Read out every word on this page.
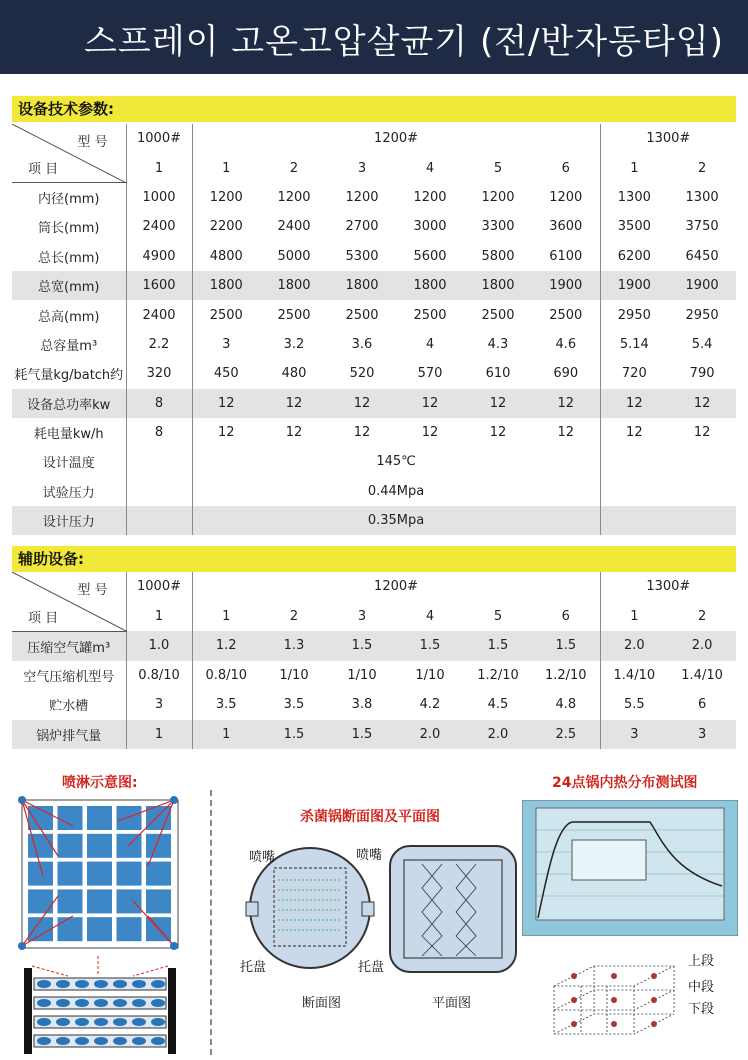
스프레이 고온고압살균기 (전/반자동타입)
设备技术参数:
型 号
项 目	1000#	1200#						1300#	
	1	1	2	3	4	5	6	1	2
内径(mm)	1000	1200	1200	1200	1200	1200	1200	1300	1300
筒长(mm)	2400	2200	2400	2700	3000	3300	3600	3500	3750
总长(mm)	4900	4800	5000	5300	5600	5800	6100	6200	6450
总宽(mm)	1600	1800	1800	1800	1800	1800	1900	1900	1900
总高(mm)	2400	2500	2500	2500	2500	2500	2500	2950	2950
总容量m³	2.2	3	3.2	3.6	4	4.3	4.6	5.14	5.4
耗气量kg/batch约	320	450	480	520	570	610	690	720	790
设备总功率kw	8	12	12	12	12	12	12	12	12
耗电量kw/h	8	12	12	12	12	12	12	12	12
设计温度		145℃							
试验压力		0.44Mpa							
设计压力		0.35Mpa							
辅助设备:
型 号
项 目	1000#	1200#						1300#	
	1	1	2	3	4	5	6	1	2
压缩空气罐m³	1.0	1.2	1.3	1.5	1.5	1.5	1.5	2.0	2.0
空气压缩机型号	0.8/10	0.8/10	1/10	1/10	1/10	1.2/10	1.2/10	1.4/10	1.4/10
贮水槽	3	3.5	3.5	3.8	4.2	4.5	4.8	5.5	6
锅炉排气量	1	1	1.5	1.5	2.0	2.0	2.5	3	3
喷淋示意图:
杀菌锅断面图及平面图
喷嘴	喷嘴
托盘	托盘
断面图	平面图
24点锅内热分布测试图
上段
中段
下段
